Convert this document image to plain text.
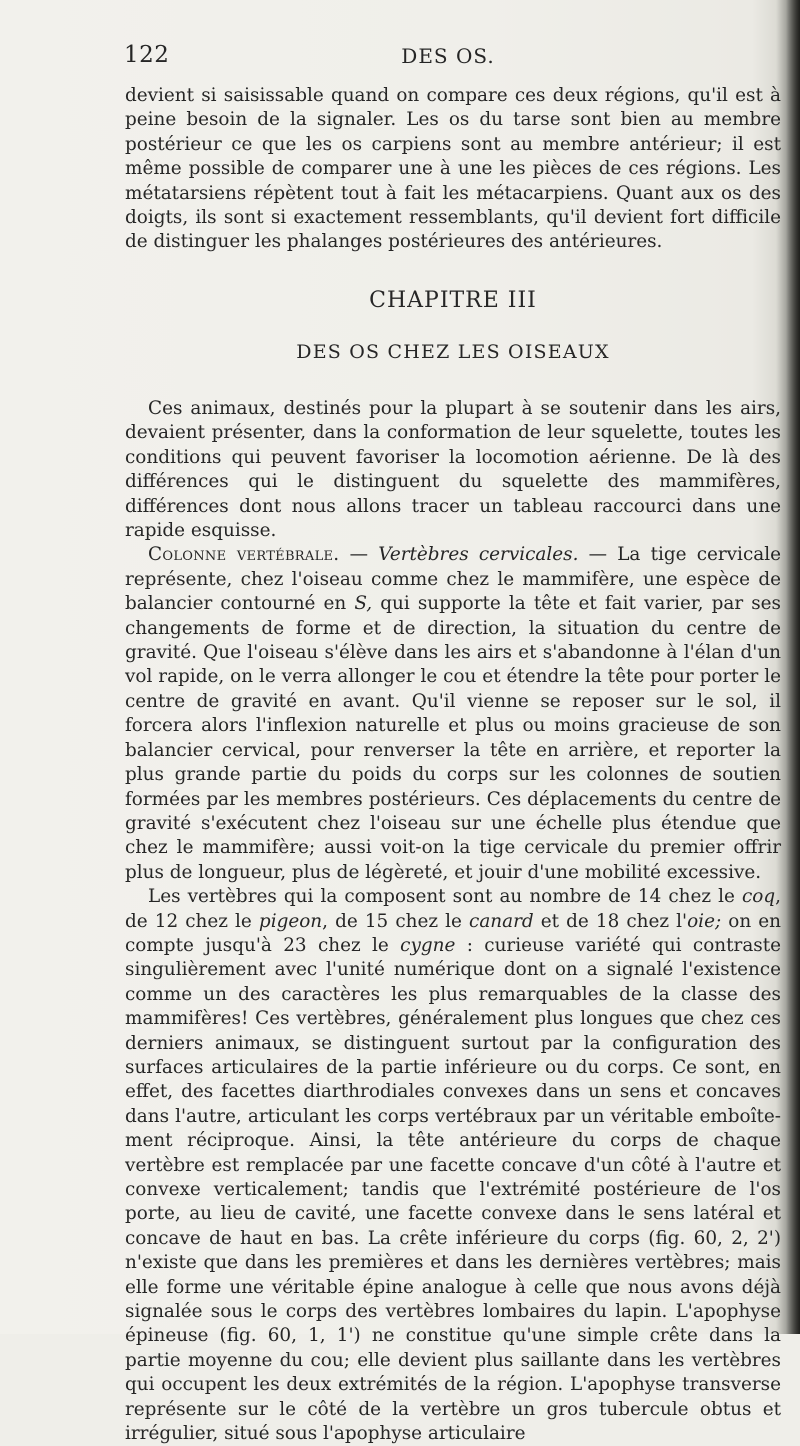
122	DES OS.

devient si saisissable quand on compare ces deux régions, qu'il est à peine besoin de la signaler. Les os du tarse sont bien au membre postérieur ce que les os carpiens sont au membre antérieur; il est même possible de comparer une à une les pièces de ces régions. Les métatarsiens répètent tout à fait les métacarpiens. Quant aux os des doigts, ils sont si exactement ressemblants, qu'il devient fort difficile de distinguer les phalanges postérieures des antérieures.

CHAPITRE III
DES OS CHEZ LES OISEAUX

Ces animaux, destinés pour la plupart à se soutenir dans les airs, devaient présenter, dans la conformation de leur squelette, toutes les conditions qui peuvent favoriser la locomotion aérienne. De là des différences qui le distinguent du squelette des mammifères, différences dont nous allons tracer un tableau raccourci dans une rapide esquisse.

Colonne vertébrale. — Vertèbres cervicales. — La tige cervicale représente, chez l'oiseau comme chez le mammifère, une espèce de balancier contourné en S, qui supporte la tête et fait varier, par ses changements de forme et de direction, la situation du centre de gravité. Que l'oiseau s'élève dans les airs et s'abandonne à l'élan d'un vol rapide, on le verra allonger le cou et étendre la tête pour porter le centre de gravité en avant. Qu'il vienne se reposer sur le sol, il forcera alors l'inflexion naturelle et plus ou moins gracieuse de son balancier cervical, pour renverser la tête en arrière, et reporter la plus grande partie du poids du corps sur les colonnes de soutien formées par les membres postérieurs. Ces déplacements du centre de gravité s'exécutent chez l'oiseau sur une échelle plus étendue que chez le mammifère; aussi voit-on la tige cervicale du premier offrir plus de longueur, plus de légèreté, et jouir d'une mobilité excessive.

Les vertèbres qui la composent sont au nombre de 14 chez le coq, de 12 chez le pigeon, de 15 chez le canard et de 18 chez l'oie; on en compte jusqu'à 23 chez le cygne : curieuse variété qui contraste singulièrement avec l'unité numérique dont on a signalé l'existence comme un des caractères les plus remarquables de la classe des mammifères! Ces vertèbres, généralement plus longues que chez ces derniers animaux, se distinguent surtout par la configuration des surfaces articulaires de la partie inférieure ou du corps. Ce sont, en effet, des facettes diarthrodiales convexes dans un sens et concaves dans l'autre, articulant les corps vertébraux par un véritable emboîtement réciproque. Ainsi, la tête antérieure du corps de chaque vertèbre est remplacée par une facette concave d'un côté à l'autre et convexe verticalement; tandis que l'extrémité postérieure de l'os porte, au lieu de cavité, une facette convexe dans le sens latéral et concave de haut en bas. La crête inférieure du corps (fig. 60, 2, 2') n'existe que dans les premières et dans les dernières vertèbres; mais elle forme une véritable épine analogue à celle que nous avons déjà signalée sous le corps des vertèbres lombaires du lapin. L'apophyse épineuse (fig. 60, 1, 1') ne constitue qu'une simple crête dans la partie moyenne du cou; elle devient plus saillante dans les vertèbres qui occupent les deux extrémités de la région. L'apophyse transverse représente sur le côté de la vertèbre un gros tubercule obtus et irrégulier, situé sous l'apophyse articulaire
